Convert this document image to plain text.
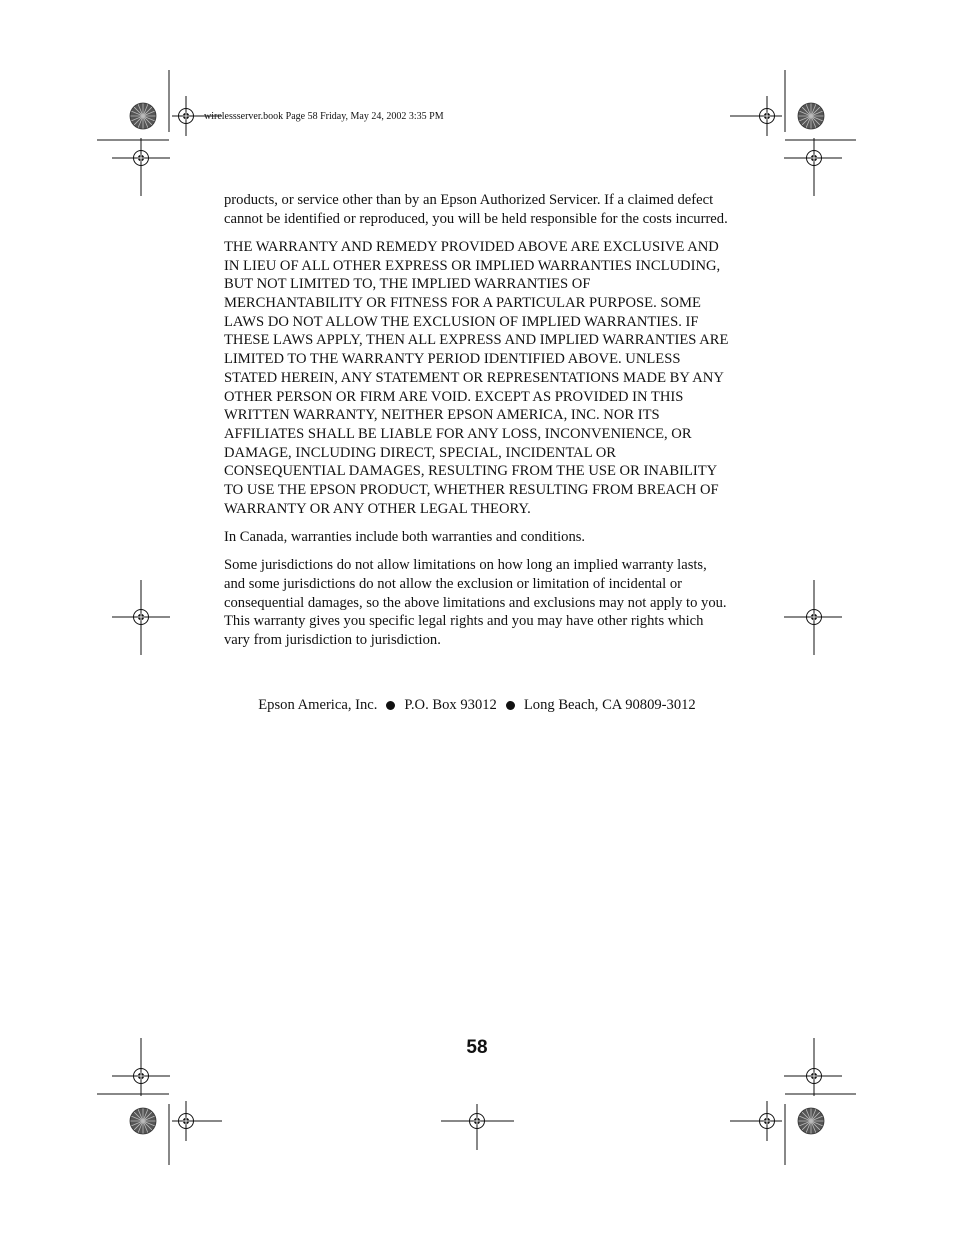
wirelessserver.book Page 58 Friday, May 24, 2002 3:35 PM

products, or service other than by an Epson Authorized Servicer. If a claimed defect cannot be identified or reproduced, you will be held responsible for the costs incurred.

THE WARRANTY AND REMEDY PROVIDED ABOVE ARE EXCLUSIVE AND IN LIEU OF ALL OTHER EXPRESS OR IMPLIED WARRANTIES INCLUDING, BUT NOT LIMITED TO, THE IMPLIED WARRANTIES OF MERCHANTABILITY OR FITNESS FOR A PARTICULAR PURPOSE. SOME LAWS DO NOT ALLOW THE EXCLUSION OF IMPLIED WARRANTIES. IF THESE LAWS APPLY, THEN ALL EXPRESS AND IMPLIED WARRANTIES ARE LIMITED TO THE WARRANTY PERIOD IDENTIFIED ABOVE. UNLESS STATED HEREIN, ANY STATEMENT OR REPRESENTATIONS MADE BY ANY OTHER PERSON OR FIRM ARE VOID. EXCEPT AS PROVIDED IN THIS WRITTEN WARRANTY, NEITHER EPSON AMERICA, INC. NOR ITS AFFILIATES SHALL BE LIABLE FOR ANY LOSS, INCONVENIENCE, OR DAMAGE, INCLUDING DIRECT, SPECIAL, INCIDENTAL OR CONSEQUENTIAL DAMAGES, RESULTING FROM THE USE OR INABILITY TO USE THE EPSON PRODUCT, WHETHER RESULTING FROM BREACH OF WARRANTY OR ANY OTHER LEGAL THEORY.

In Canada, warranties include both warranties and conditions.

Some jurisdictions do not allow limitations on how long an implied warranty lasts, and some jurisdictions do not allow the exclusion or limitation of incidental or consequential damages, so the above limitations and exclusions may not apply to you. This warranty gives you specific legal rights and you may have other rights which vary from jurisdiction to jurisdiction.

Epson America, Inc. P.O. Box 93012 Long Beach, CA 90809-3012
58
